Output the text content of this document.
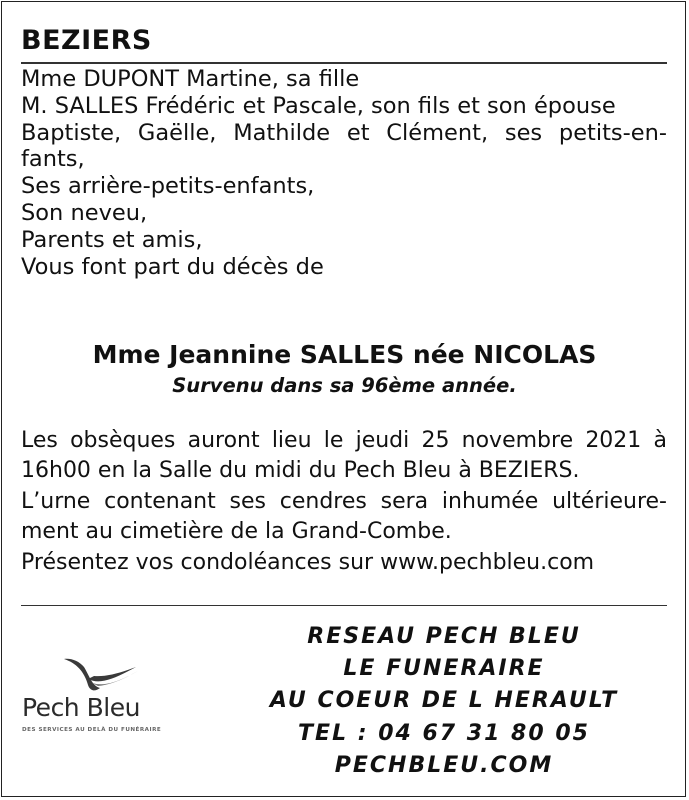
BEZIERS
Mme DUPONT Martine, sa fille
M. SALLES Frédéric et Pascale, son fils et son épouse
Baptiste, Gaëlle, Mathilde et Clément, ses petits-en-
fants,
Ses arrière-petits-enfants,
Son neveu,
Parents et amis,
Vous font part du décès de
Mme Jeannine SALLES née NICOLAS
Survenu dans sa 96ème année.
Les obsèques auront lieu le jeudi 25 novembre 2021 à
16h00 en la Salle du midi du Pech Bleu à BEZIERS.
L’urne contenant ses cendres sera inhumée ultérieure-
ment au cimetière de la Grand-Combe.
Présentez vos condoléances sur www.pechbleu.com
Pech Bleu
DES SERVICES AU DELÀ DU FUNÉRAIRE
RESEAU PECH BLEU
LE FUNERAIRE
AU COEUR DE L HERAULT
TEL : 04 67 31 80 05
PECHBLEU.COM
